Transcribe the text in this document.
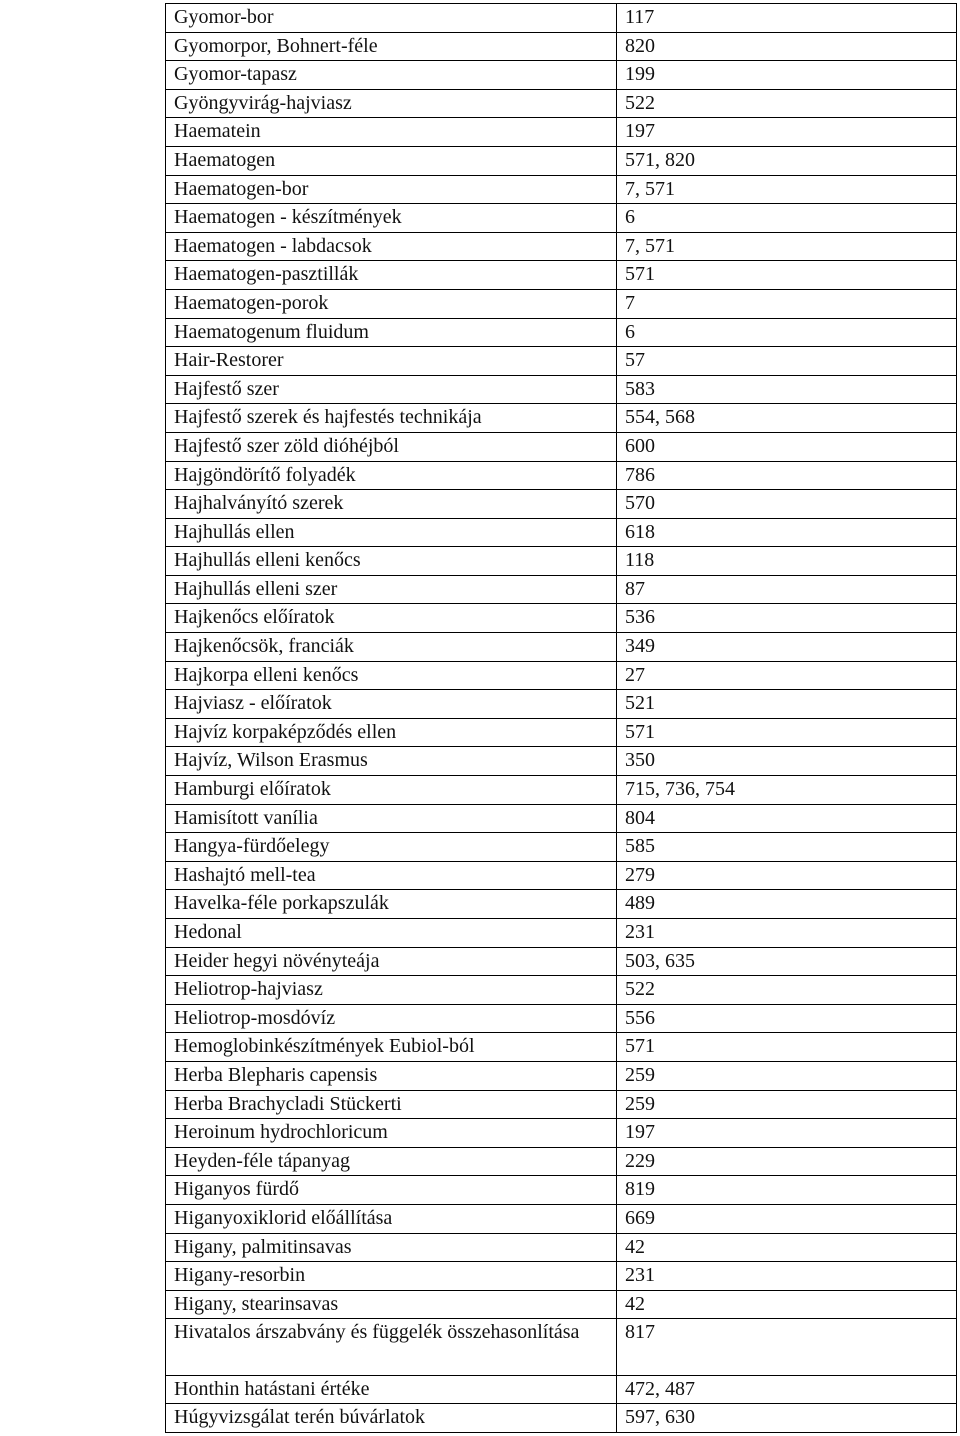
Gyomor-bor	117
Gyomorpor, Bohnert-féle	820
Gyomor-tapasz	199
Gyöngyvirág-hajviasz	522
Haematein	197
Haematogen	571, 820
Haematogen-bor	7, 571
Haematogen - készítmények	6
Haematogen - labdacsok	7, 571
Haematogen-pasztillák	571
Haematogen-porok	7
Haematogenum fluidum	6
Hair-Restorer	57
Hajfestő szer	583
Hajfestő szerek és hajfestés technikája	554, 568
Hajfestő szer zöld dióhéjból	600
Hajgöndörítő folyadék	786
Hajhalványító szerek	570
Hajhullás ellen	618
Hajhullás elleni kenőcs	118
Hajhullás elleni szer	87
Hajkenőcs előíratok	536
Hajkenőcsök, franciák	349
Hajkorpa elleni kenőcs	27
Hajviasz - előíratok	521
Hajvíz korpaképződés ellen	571
Hajvíz, Wilson Erasmus	350
Hamburgi előíratok	715, 736, 754
Hamisított vanília	804
Hangya-fürdőelegy	585
Hashajtó mell-tea	279
Havelka-féle porkapszulák	489
Hedonal	231
Heider hegyi növényteája	503, 635
Heliotrop-hajviasz	522
Heliotrop-mosdóvíz	556
Hemoglobinkészítmények Eubiol-ból	571
Herba Blepharis capensis	259
Herba Brachycladi Stückerti	259
Heroinum hydrochloricum	197
Heyden-féle tápanyag	229
Higanyos fürdő	819
Higanyoxiklorid előállítása	669
Higany, palmitinsavas	42
Higany-resorbin	231
Higany, stearinsavas	42
Hivatalos árszabvány és függelék összehasonlítása	817
Honthin hatástani értéke	472, 487
Húgyvizsgálat terén búvárlatok	597, 630
